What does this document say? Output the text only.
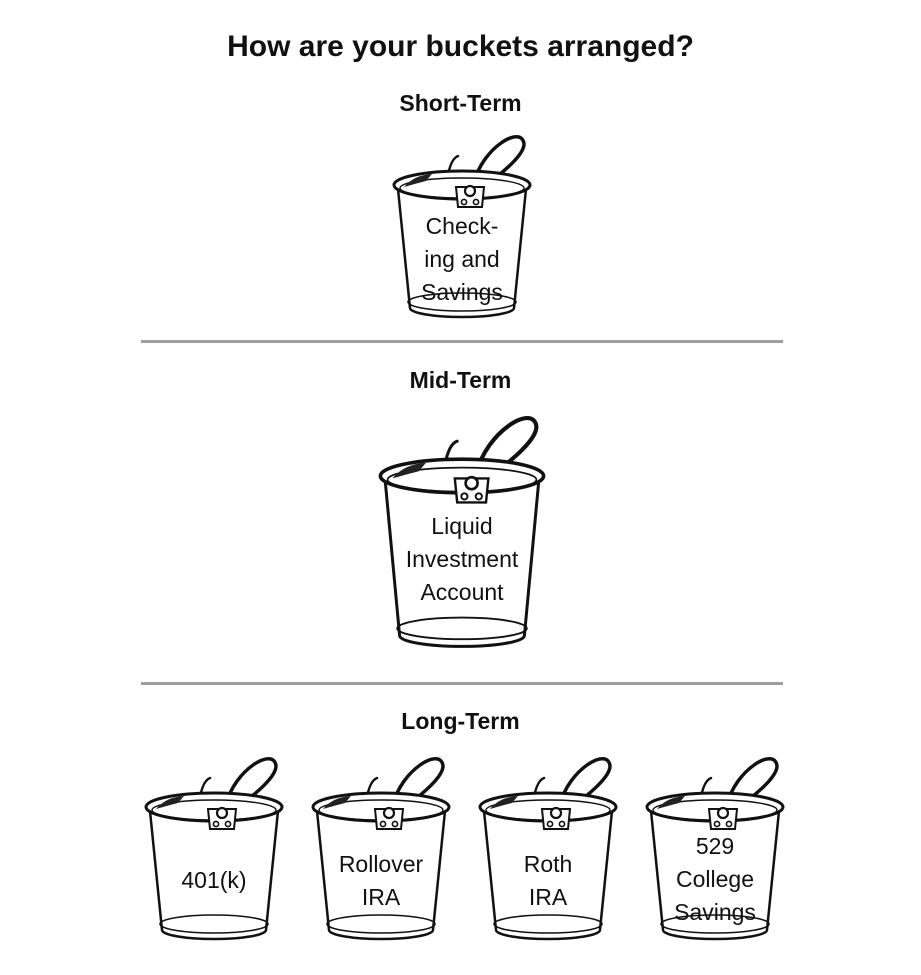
How are your buckets arranged?
Short-Term
Check-
ing and
Savings
Mid-Term
Liquid
Investment
Account
Long-Term
401(k)
Rollover
IRA
Roth
IRA
529
College
Savings
